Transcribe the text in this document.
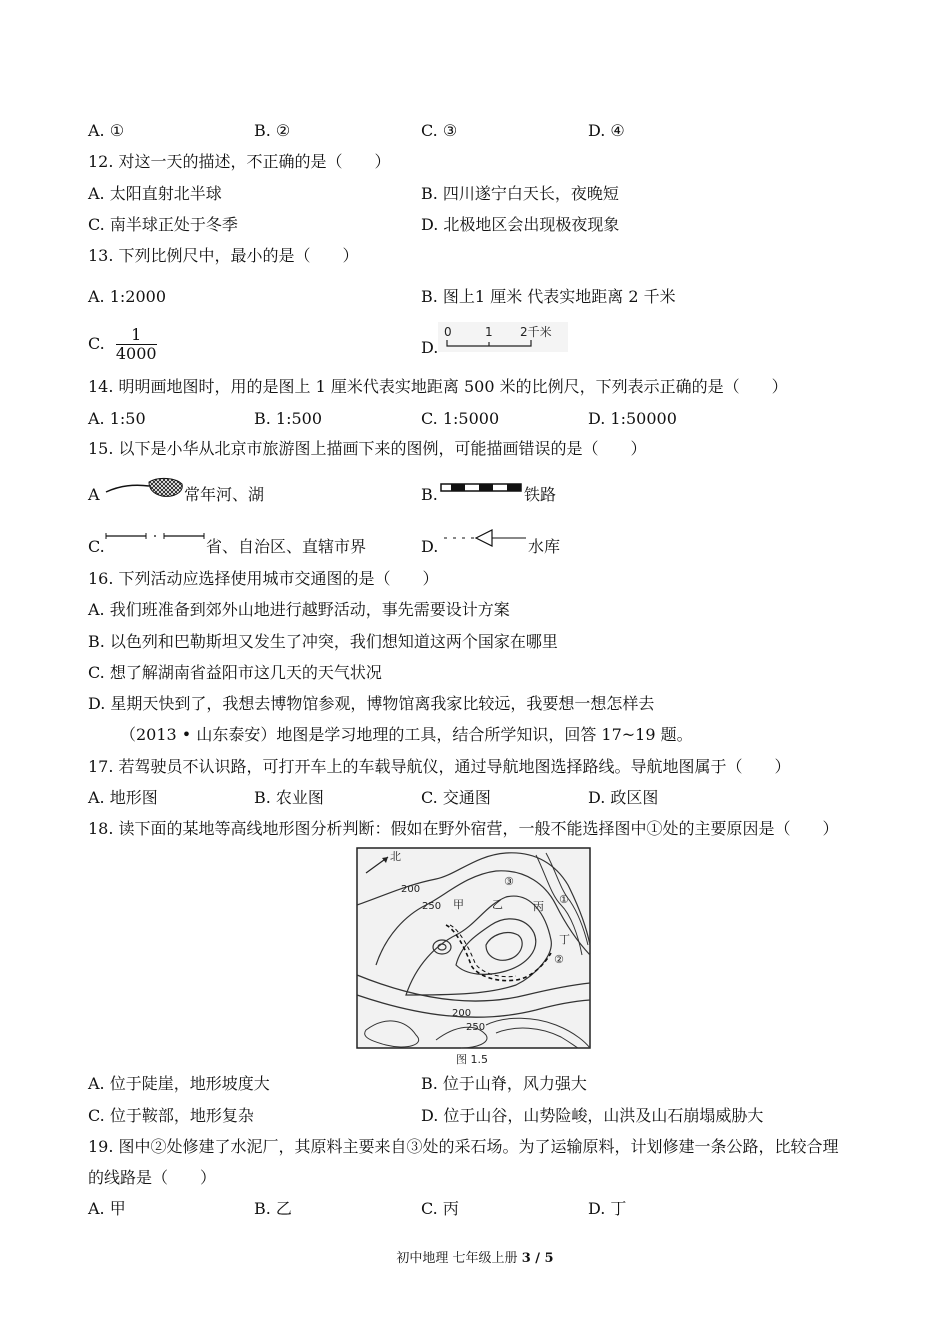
A. ①	B. ②	C. ③	D. ④
12. 对这一天的描述，不正确的是（　　）
A. 太阳直射北半球	B. 四川遂宁白天长，夜晚短
C. 南半球正处于冬季	D. 北极地区会出现极夜现象
13. 下列比例尺中，最小的是（　　）
A. 1:2000	B. 图上1 厘米 代表实地距离 2 千米
C. $\frac{1}{4000}$	D.
0	1 2千米
14. 明明画地图时，用的是图上 1 厘米代表实地距离 500 米的比例尺，下列表示正确的是（　　）
A. 1:50	B. 1:500	C. 1:5000	D. 1:50000
15. 以下是小华从北京市旅游图上描画下来的图例，可能描画错误的是（　　）
A	常年河、湖	B.	铁路
C.	省、自治区、直辖市界	D.	水库
16. 下列活动应选择使用城市交通图的是（　　）
A. 我们班准备到郊外山地进行越野活动，事先需要设计方案
B. 以色列和巴勒斯坦又发生了冲突，我们想知道这两个国家在哪里
C. 想了解湖南省益阳市这几天的天气状况
D. 星期天快到了，我想去博物馆参观，博物馆离我家比较远，我要想一想怎样去
（2013 • 山东泰安）地图是学习地理的工具，结合所学知识，回答 17~19 题。
17. 若驾驶员不认识路，可打开车上的车载导航仪，通过导航地图选择路线。导航地图属于（　　）
A. 地形图	B. 农业图	C. 交通图	D. 政区图
18. 读下面的某地等高线地形图分析判断：假如在野外宿营，一般不能选择图中①处的主要原因是（　　）
北
200
250 甲	乙	丙
丁
③
①
②
200
250
图 1.5
A. 位于陡崖，地形坡度大	B. 位于山脊，风力强大
C. 位于鞍部，地形复杂	D. 位于山谷，山势险峻，山洪及山石崩塌威胁大
19. 图中②处修建了水泥厂，其原料主要来自③处的采石场。为了运输原料，计划修建一条公路，比较合理
的线路是（　　）
A. 甲	B. 乙	C. 丙	D. 丁
初中地理 七年级上册 3 / 5
